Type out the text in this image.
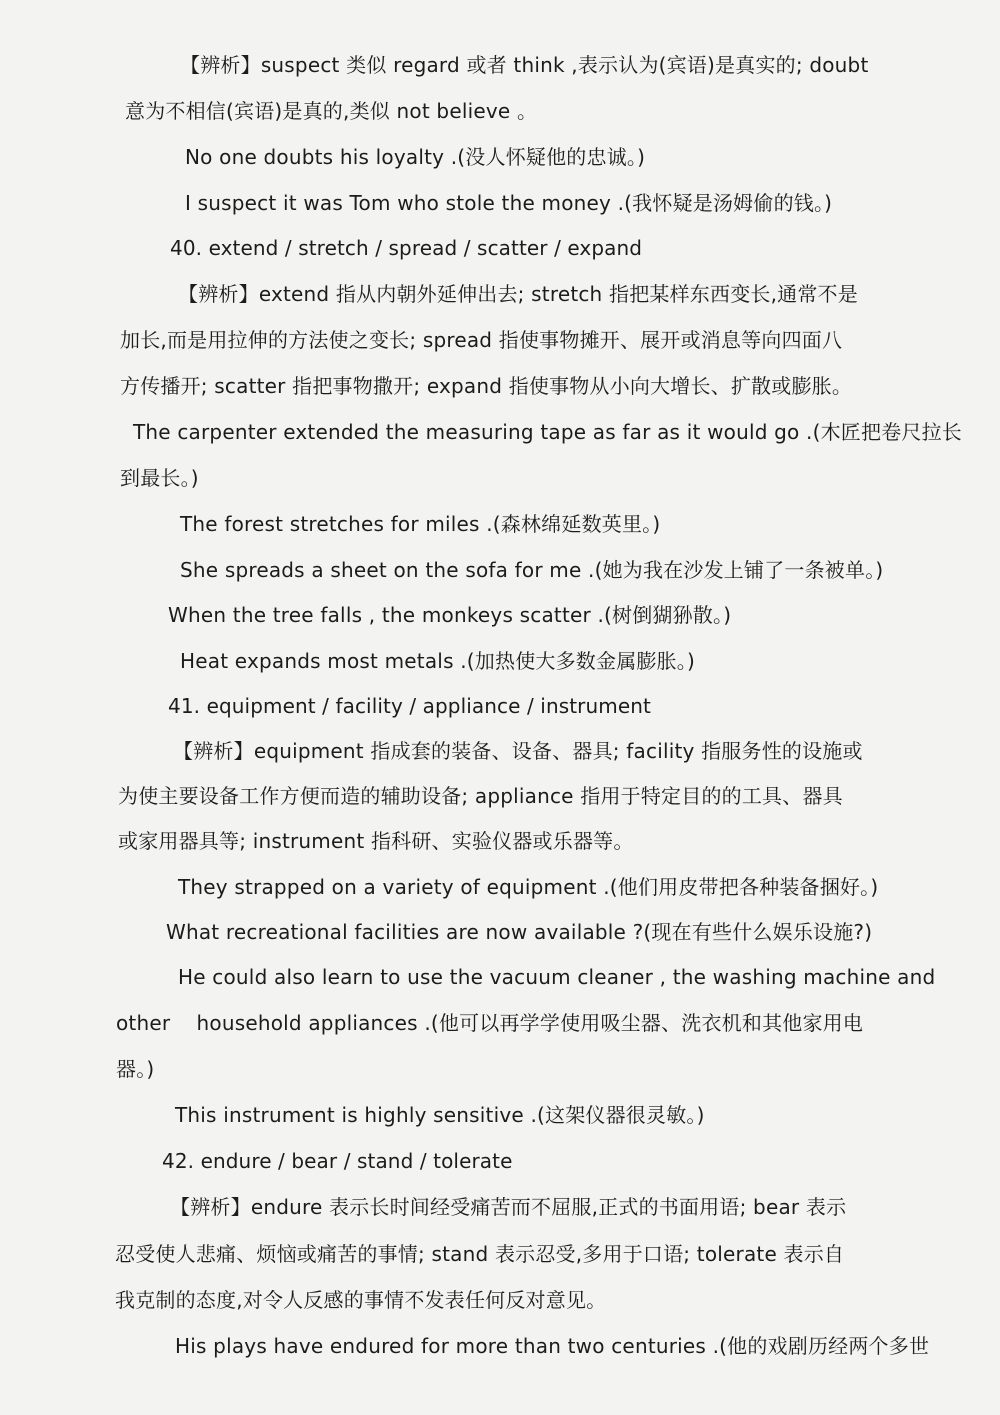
【辨析】suspect 类似 regard 或者 think ,表示认为(宾语)是真实的; doubt
意为不相信(宾语)是真的,类似 not believe 。
No one doubts his loyalty .(没人怀疑他的忠诚。)
I suspect it was Tom who stole the money .(我怀疑是汤姆偷的钱。)
40. extend / stretch / spread / scatter / expand
【辨析】extend 指从内朝外延伸出去; stretch 指把某样东西变长,通常不是
加长,而是用拉伸的方法使之变长; spread 指使事物摊开、展开或消息等向四面八
方传播开; scatter 指把事物撒开; expand 指使事物从小向大增长、扩散或膨胀。
The carpenter extended the measuring tape as far as it would go .(木匠把卷尺拉长
到最长。)
The forest stretches for miles .(森林绵延数英里。)
She spreads a sheet on the sofa for me .(她为我在沙发上铺了一条被单。)
When the tree falls , the monkeys scatter .(树倒猢狲散。)
Heat expands most metals .(加热使大多数金属膨胀。)
41. equipment / facility / appliance / instrument
【辨析】equipment 指成套的装备、设备、器具; facility 指服务性的设施或
为使主要设备工作方便而造的辅助设备; appliance 指用于特定目的的工具、器具
或家用器具等; instrument 指科研、实验仪器或乐器等。
They strapped on a variety of equipment .(他们用皮带把各种装备捆好。)
What recreational facilities are now available ?(现在有些什么娱乐设施?)
He could also learn to use the vacuum cleaner , the washing machine and
other    household appliances .(他可以再学学使用吸尘器、洗衣机和其他家用电
器。)
This instrument is highly sensitive .(这架仪器很灵敏。)
42. endure / bear / stand / tolerate
【辨析】endure 表示长时间经受痛苦而不屈服,正式的书面用语; bear 表示
忍受使人悲痛、烦恼或痛苦的事情; stand 表示忍受,多用于口语; tolerate 表示自
我克制的态度,对令人反感的事情不发表任何反对意见。
His plays have endured for more than two centuries .(他的戏剧历经两个多世
